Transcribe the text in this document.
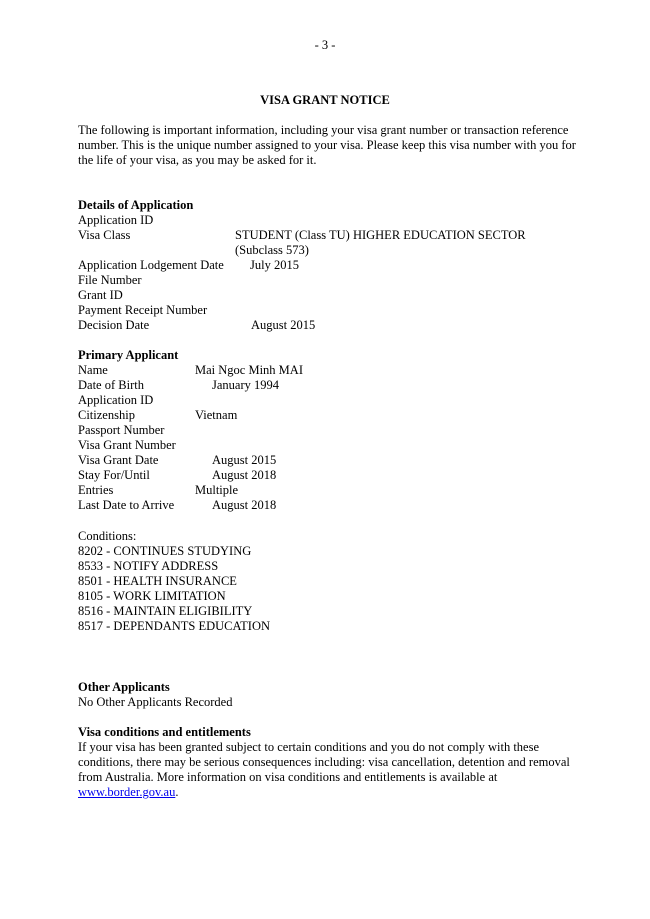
- 3 -
VISA GRANT NOTICE
The following is important information, including your visa grant number or transaction reference number. This is the unique number assigned to your visa. Please keep this visa number with you for the life of your visa, as you may be asked for it.
Details of Application
Application ID
Visa Class	STUDENT (Class TU) HIGHER EDUCATION SECTOR
(Subclass 573)
Application Lodgement Date July 2015
File Number
Grant ID
Payment Receipt Number
Decision Date	August 2015
Primary Applicant
Name	Mai Ngoc Minh MAI
Date of Birth	January 1994
Application ID
Citizenship	Vietnam
Passport Number
Visa Grant Number
Visa Grant Date	August 2015
Stay For/Until	August 2018
Entries	Multiple
Last Date to Arrive	August 2018
Conditions:
8202 - CONTINUES STUDYING
8533 - NOTIFY ADDRESS
8501 - HEALTH INSURANCE
8105 - WORK LIMITATION
8516 - MAINTAIN ELIGIBILITY
8517 - DEPENDANTS EDUCATION
Other Applicants
No Other Applicants Recorded
Visa conditions and entitlements
If your visa has been granted subject to certain conditions and you do not comply with these conditions, there may be serious consequences including: visa cancellation, detention and removal from Australia. More information on visa conditions and entitlements is available at www.border.gov.au.
